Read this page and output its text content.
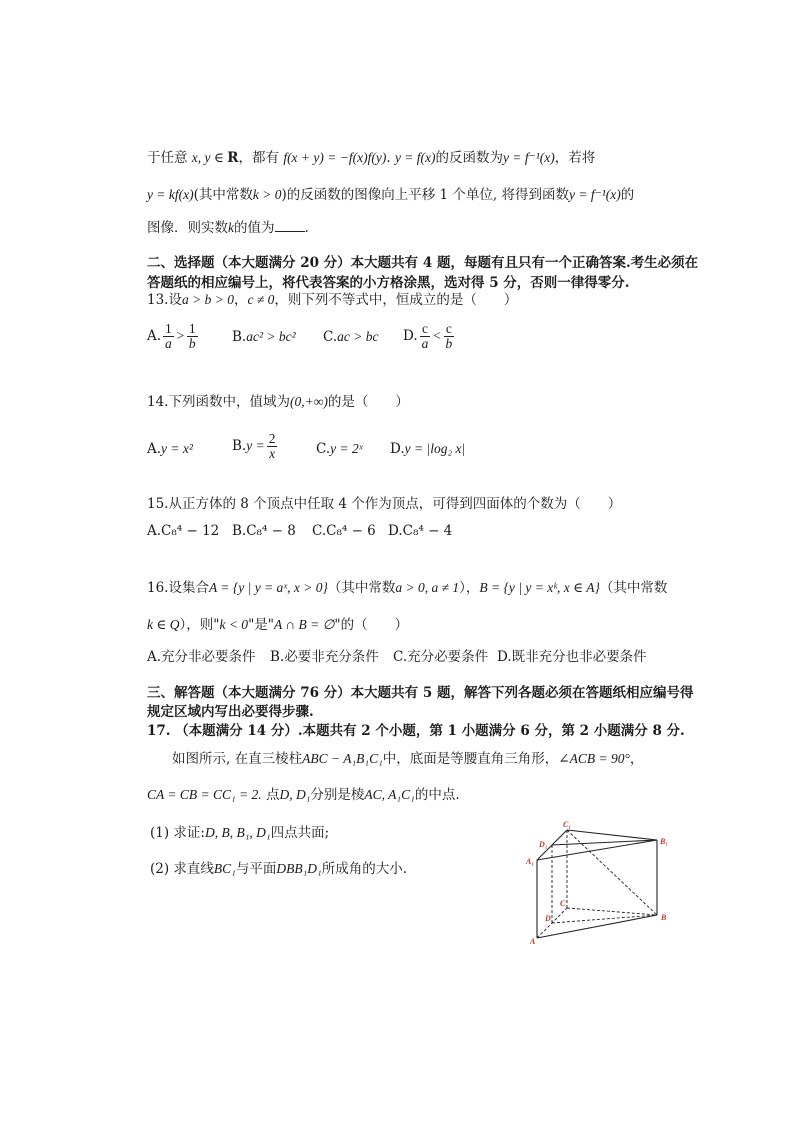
于任意 x, y ∈ R，都有 f(x + y) = −f(x)f(y). y = f(x)的反函数为y = f⁻¹(x)，若将
y = kf(x)(其中常数k > 0)的反函数的图像向上平移 1 个单位, 将得到函数y = f⁻¹(x)的
图像．则实数k的值为 .
二、选择题（本大题满分 20 分）本大题共有 4 题，每题有且只有一个正确答案.考生必须在
答题纸的相应编号上，将代表答案的小方格涂黑，选对得 5 分，否则一律得零分.
13.设a > b > 0，c ≠ 0，则下列不等式中，恒成立的是（　　）
A. $\frac{1}{a} > \frac{1}{b}$	B.ac² > bc² C.ac > bc D. $\frac{c}{a} < \frac{c}{b}$
14.下列函数中，值域为(0,+∞)的是（　　）
A.y = x²	$B.y = \frac{2}{x}$	C.y = 2ˣ D.y = |log₂ x|
15.从正方体的 8 个顶点中任取 4 个作为顶点，可得到四面体的个数为（　　）
A.C₈⁴ − 12 B.C₈⁴ − 8 C.C₈⁴ − 6 D.C₈⁴ − 4
16.设集合A = {y | y = aˣ, x > 0}（其中常数a > 0, a ≠ 1），B = {y | y = xᵏ, x ∈ A}（其中常数
k ∈ Q），则"k < 0"是"A ∩ B = ∅"的（　　）
A.充分非必要条件 B.必要非充分条件 C.充分必要条件 D.既非充分也非必要条件
三、解答题（本大题满分 76 分）本大题共有 5 题，解答下列各题必须在答题纸相应编号得
规定区域内写出必要得步骤.
17. （本题满分 14 分）.本题共有 2 个小题，第 1 小题满分 6 分，第 2 小题满分 8 分.
如图所示, 在直三棱柱ABC − A₁B₁C₁中，底面是等腰直角三角形，∠ACB = 90°，
CA = CB = CC₁ = 2. 点D, D₁分别是棱AC, A₁C₁的中点.
(1) 求证:D, B, B₁, D₁四点共面;
(2) 求直线BC₁与平面DBB₁D₁所成角的大小.
C₁
D₁
A₁
B₁
C
D
A
B
